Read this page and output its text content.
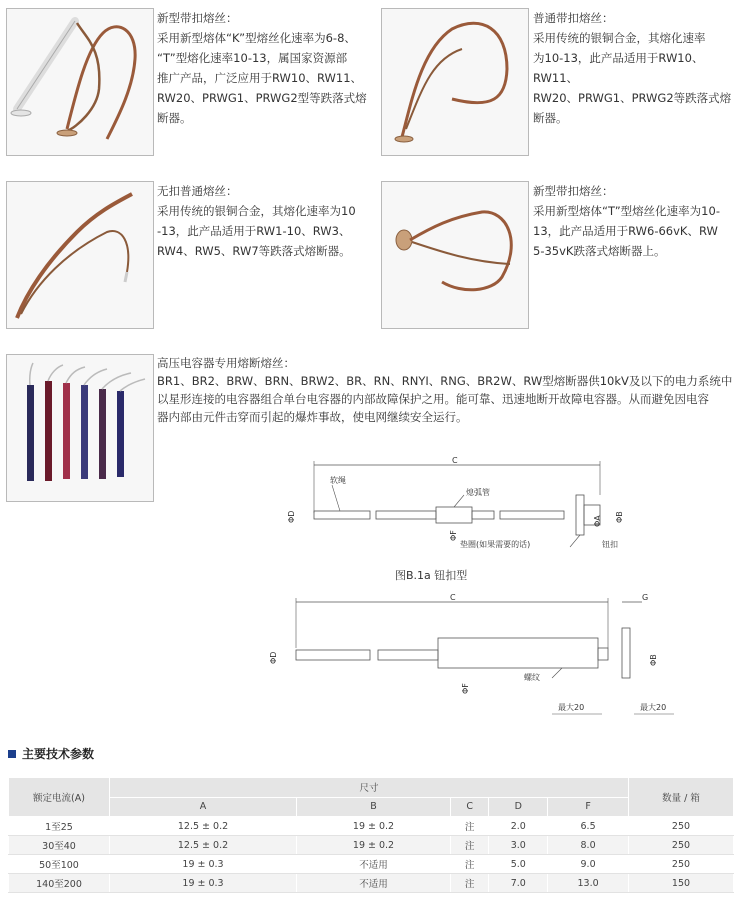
新型带扣熔丝：

采用新型熔体“K”型熔丝化速率为6-8、

“T”型熔化速率10-13，属国家资源部

推广产品，广泛应用于RW10、RW11、

RW20、PRWG1、PRWG2型等跌落式熔

断器。

普通带扣熔丝：

采用传统的银铜合金，其熔化速率

为10-13，此产品适用于RW10、RW11、

RW20、PRWG1、PRWG2等跌落式熔

断器。

无扣普通熔丝：

采用传统的银铜合金，其熔化速率为10

-13，此产品适用于RW1-10、RW3、

RW4、RW5、RW7等跌落式熔断器。

新型带扣熔丝：

采用新型熔体“T”型熔丝化速率为10-

13，此产品适用于RW6-66vK、RW

5-35vK跌落式熔断器上。

高压电容器专用熔断熔丝：

BR1、BR2、BRW、BRN、BRW2、BR、RN、RNYI、RNG、BR2W、RW型熔断器供10kV及以下的电力系统中

以星形连接的电容器组合单台电容器的内部故障保护之用。能可靠、迅速地断开故障电容器。从而避免因电容

器内部由元件击穿而引起的爆炸事故，使电网继续安全运行。

C
软绳
熄弧管
ΦD	ΦA ΦB
ΦF
垫圈(如果需要的话)	钮扣
图B.1a 钮扣型
C	G
ΦD	ΦB
ΦF
螺纹
最大20	最大20
主要技术参数
额定电流(A)	尺寸					数量 / 箱
	A	B	C	D	F	
1至25	12.5 ± 0.2	19 ± 0.2	注	2.0	6.5	250
30至40	12.5 ± 0.2	19 ± 0.2	注	3.0	8.0	250
50至100	19 ± 0.3	不适用	注	5.0	9.0	250
140至200	19 ± 0.3	不适用	注	7.0	13.0	150
